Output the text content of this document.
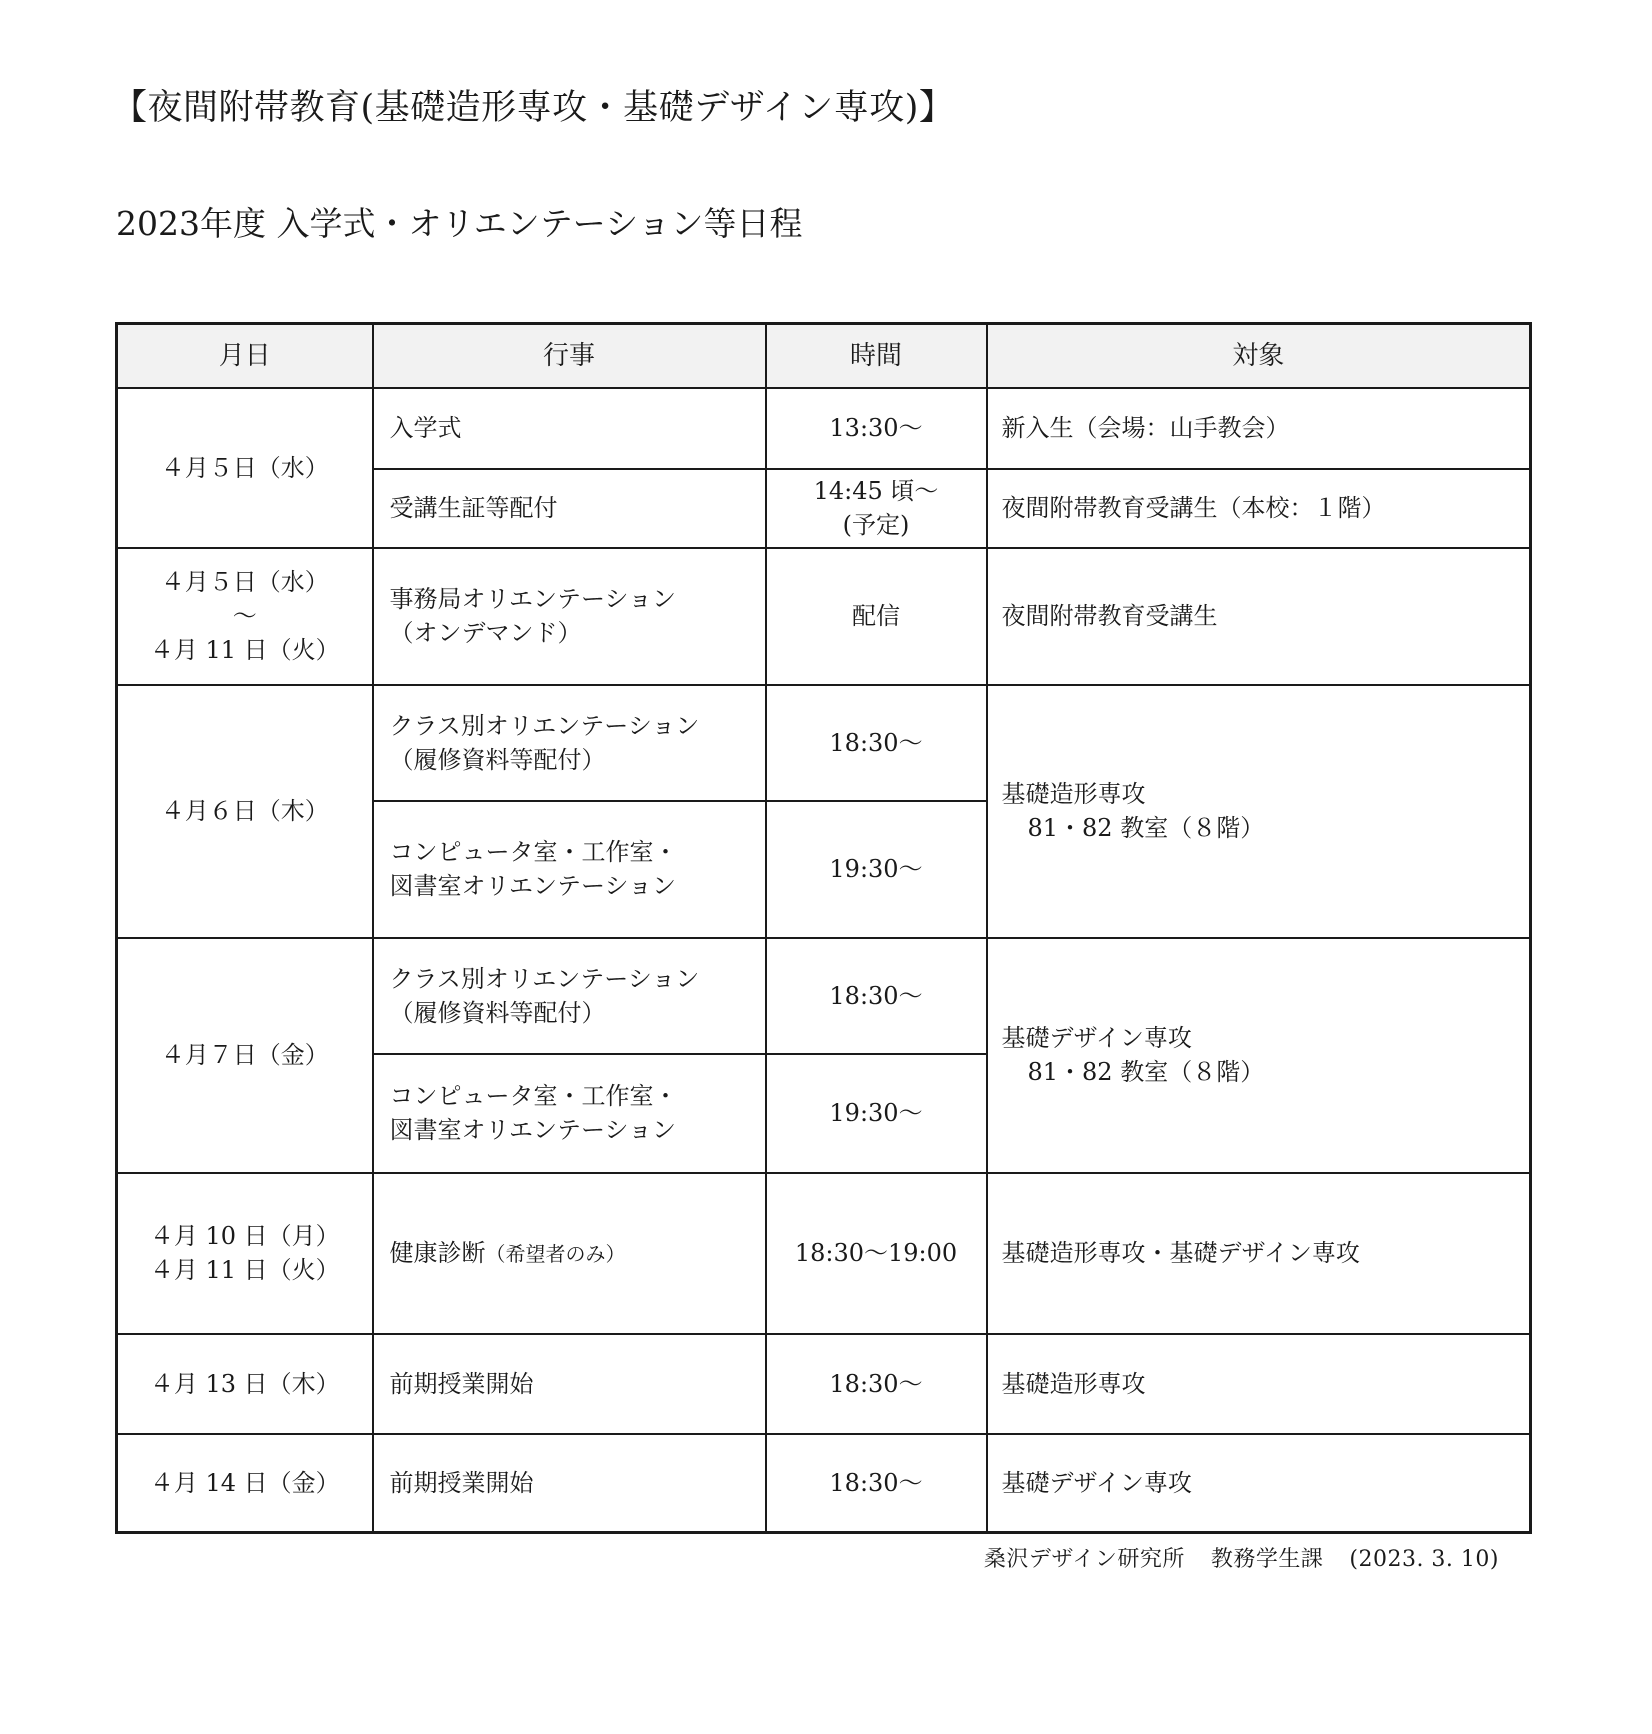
【夜間附帯教育(基礎造形専攻・基礎デザイン専攻)】
2023年度 入学式・オリエンテーション等日程
月日	行事	時間	対象

４月５日（水）	入学式	13:30～	新入生（会場：山手教会）

	受講生証等配付	14:45 頃～
(予定)	夜間附帯教育受講生（本校：１階）

４月５日（水）
～
４月 11 日（火）	事務局オリエンテーション
（オンデマンド）	配信	夜間附帯教育受講生

４月６日（木）	クラス別オリエンテーション
（履修資料等配付）	18:30～	基礎造形専攻
81・82 教室（８階）

	コンピュータ室・工作室・
図書室オリエンテーション	19:30～	

４月７日（金）	クラス別オリエンテーション
（履修資料等配付）	18:30～	基礎デザイン専攻
81・82 教室（８階）

	コンピュータ室・工作室・
図書室オリエンテーション	19:30～	

４月 10 日（月）
４月 11 日（火）	健康診断（希望者のみ）	18:30～19:00	基礎造形専攻・基礎デザイン専攻

４月 13 日（木）	前期授業開始	18:30～	基礎造形専攻

４月 14 日（金）	前期授業開始	18:30～	基礎デザイン専攻
桑沢デザイン研究所 教務学生課 (2023. 3. 10)
